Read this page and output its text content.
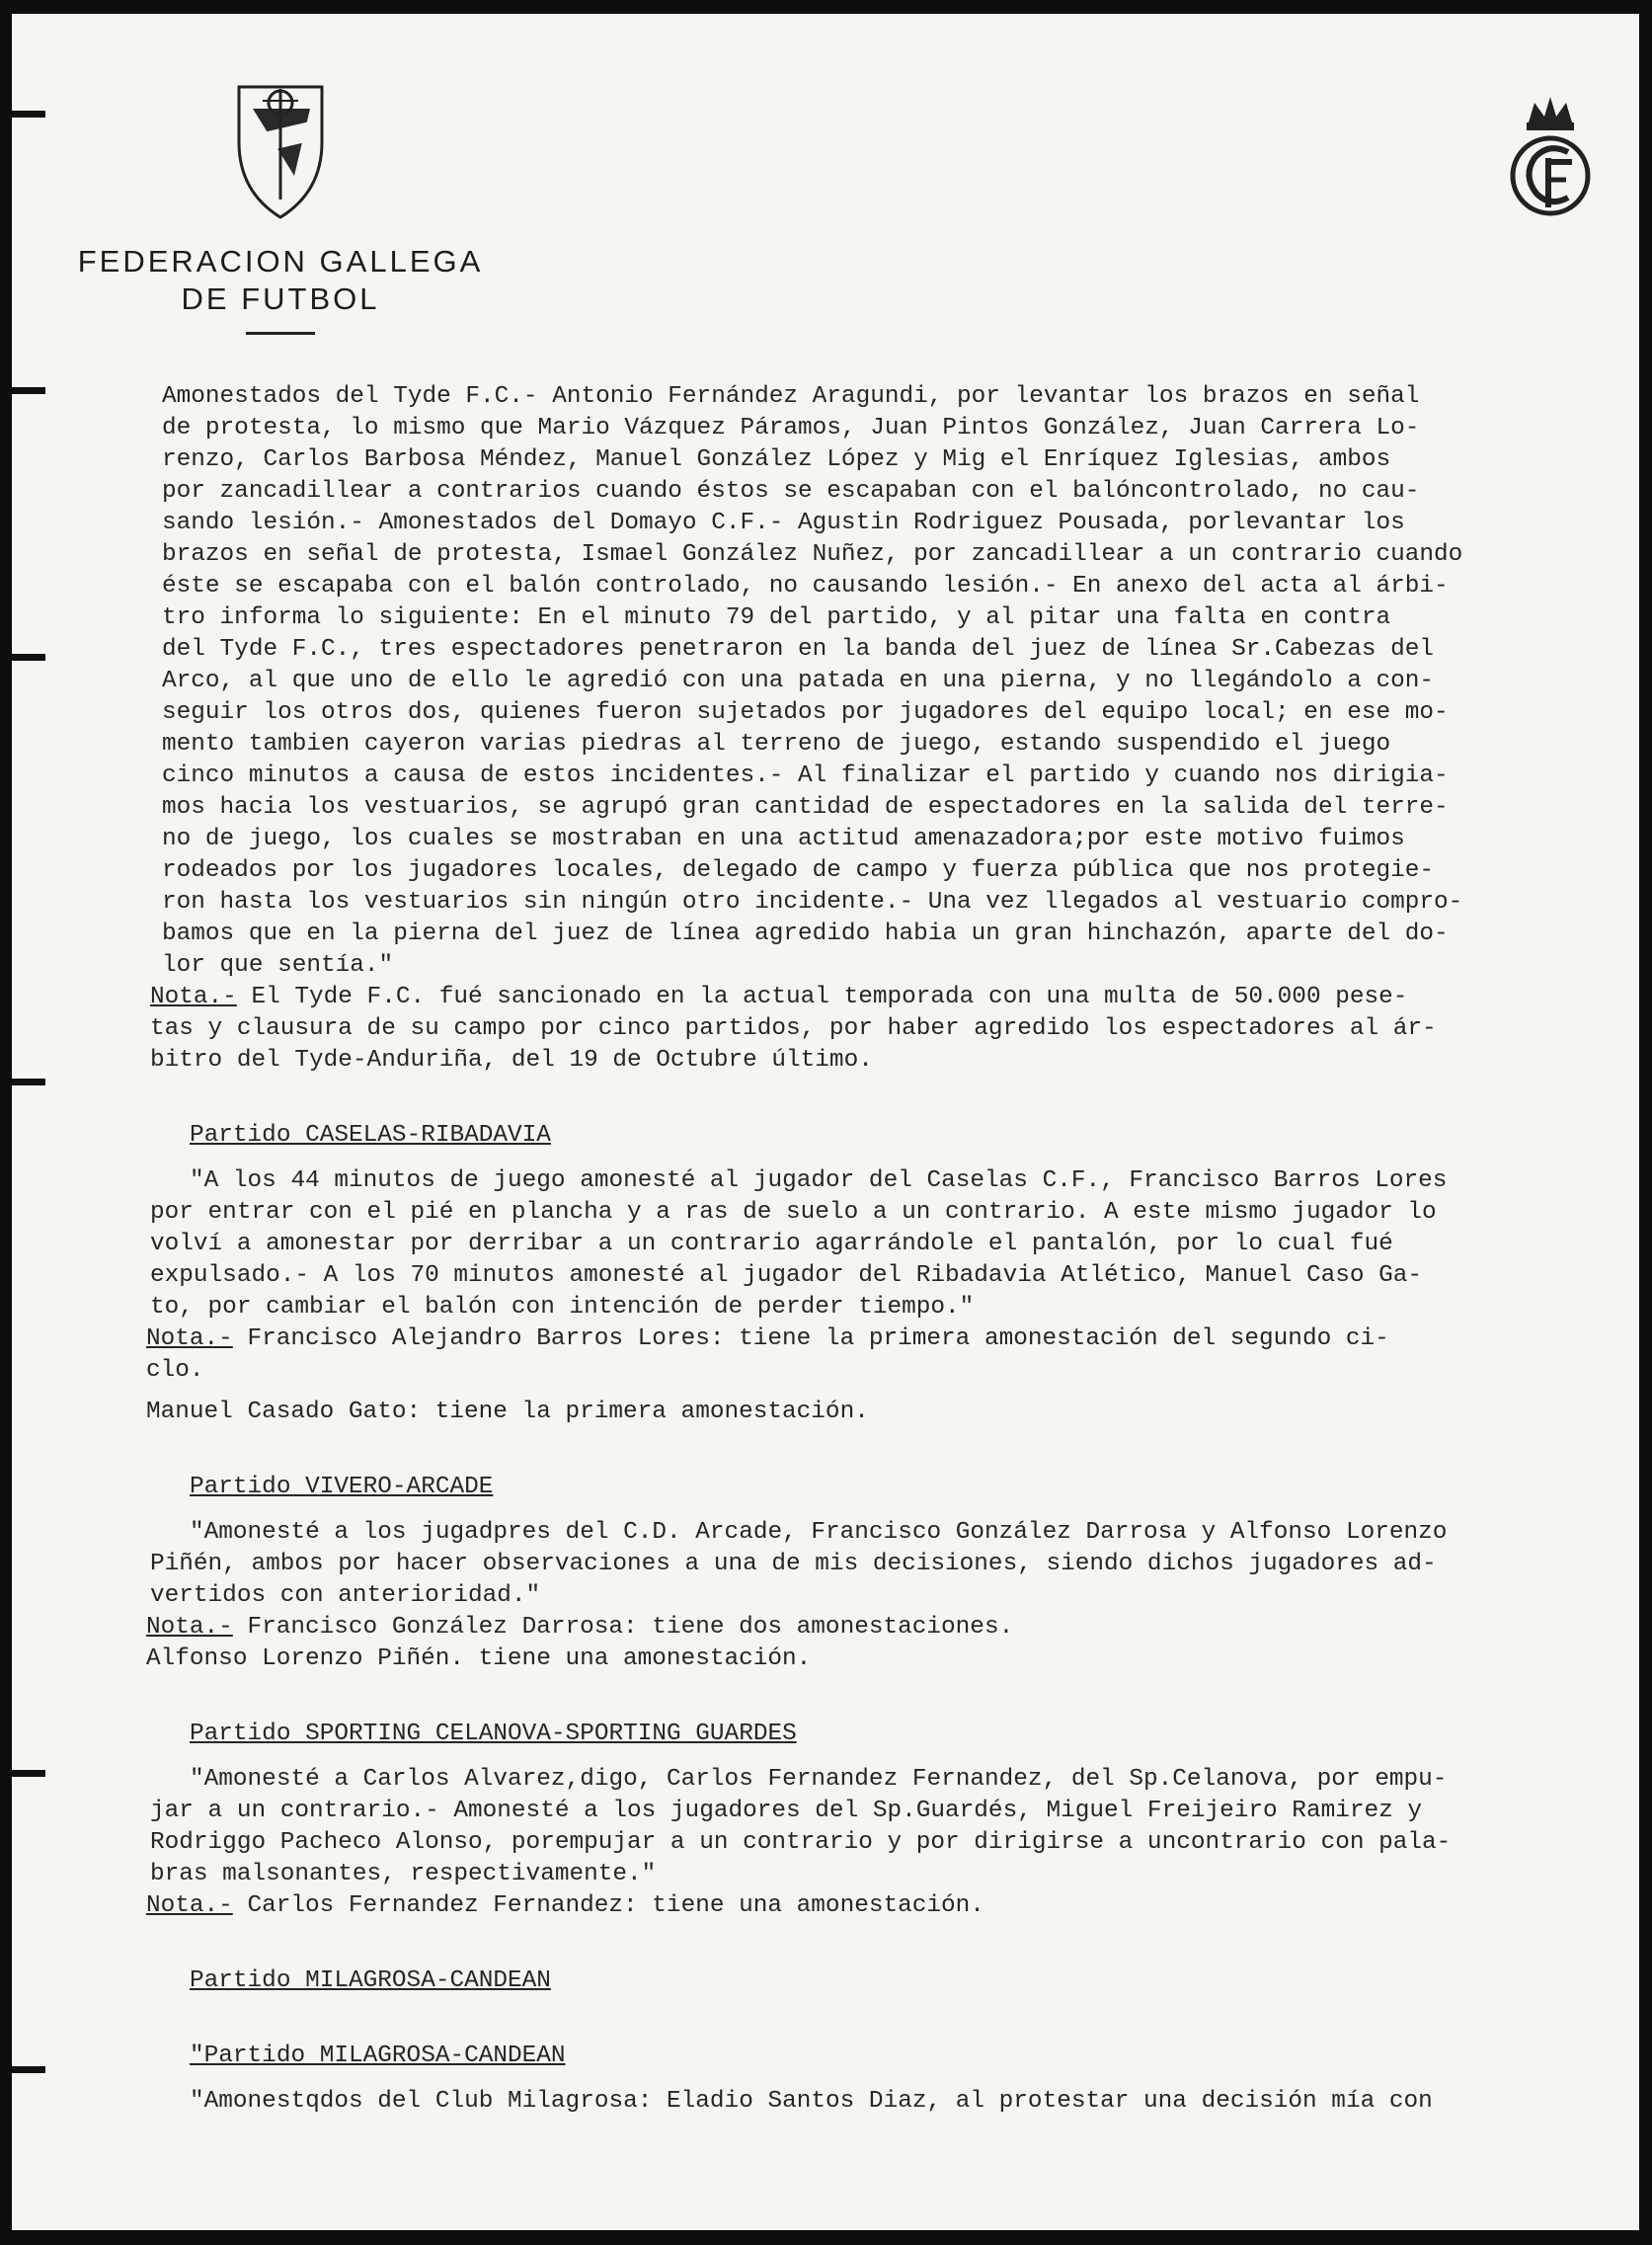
FEDERACION GALLEGA
DE FUTBOL

Amonestados del Tyde F.C.- Antonio Fernández Aragundi, por levantar los brazos en señal

de protesta, lo mismo que Mario Vázquez Páramos, Juan Pintos González, Juan Carrera Lo-

renzo, Carlos Barbosa Méndez, Manuel González López y Mig el Enríquez Iglesias, ambos

por zancadillear a contrarios cuando éstos se escapaban con el balóncontrolado, no cau-

sando lesión.- Amonestados del Domayo C.F.- Agustin Rodriguez Pousada, porlevantar los

brazos en señal de protesta, Ismael González Nuñez, por zancadillear a un contrario cuando

éste se escapaba con el balón controlado, no causando lesión.- En anexo del acta al árbi-

tro informa lo siguiente: En el minuto 79 del partido, y al pitar una falta en contra

del Tyde F.C., tres espectadores penetraron en la banda del juez de línea Sr.Cabezas del

Arco, al que uno de ello le agredió con una patada en una pierna, y no llegándolo a con-

seguir los otros dos, quienes fueron sujetados por jugadores del equipo local; en ese mo-

mento tambien cayeron varias piedras al terreno de juego, estando suspendido el juego

cinco minutos a causa de estos incidentes.- Al finalizar el partido y cuando nos dirigia-

mos hacia los vestuarios, se agrupó gran cantidad de espectadores en la salida del terre-

no de juego, los cuales se mostraban en una actitud amenazadora;por este motivo fuimos

rodeados por los jugadores locales, delegado de campo y fuerza pública que nos protegie-

ron hasta los vestuarios sin ningún otro incidente.- Una vez llegados al vestuario compro-

bamos que en la pierna del juez de línea agredido habia un gran hinchazón, aparte del do-

lor que sentía."

Nota.- El Tyde F.C. fué sancionado en la actual temporada con una multa de 50.000 pese-

tas y clausura de su campo por cinco partidos, por haber agredido los espectadores al ár-

bitro del Tyde-Anduriña, del 19 de Octubre último.

Partido CASELAS-RIBADAVIA

"A los 44 minutos de juego amonesté al jugador del Caselas C.F., Francisco Barros Lores

por entrar con el pié en plancha y a ras de suelo a un contrario. A este mismo jugador lo

volví a amonestar por derribar a un contrario agarrándole el pantalón, por lo cual fué

expulsado.- A los 70 minutos amonesté al jugador del Ribadavia Atlético, Manuel Caso Ga-

to, por cambiar el balón con intención de perder tiempo."

Nota.- Francisco Alejandro Barros Lores: tiene la primera amonestación del segundo ci-

clo.

Manuel Casado Gato: tiene la primera amonestación.

Partido VIVERO-ARCADE

"Amonesté a los jugadpres del C.D. Arcade, Francisco González Darrosa y Alfonso Lorenzo

Piñén, ambos por hacer observaciones a una de mis decisiones, siendo dichos jugadores ad-

vertidos con anterioridad."

Nota.- Francisco González Darrosa: tiene dos amonestaciones.

Alfonso Lorenzo Piñén. tiene una amonestación.

Partido SPORTING CELANOVA-SPORTING GUARDES

"Amonesté a Carlos Alvarez,digo, Carlos Fernandez Fernandez, del Sp.Celanova, por empu-

jar a un contrario.- Amonesté a los jugadores del Sp.Guardés, Miguel Freijeiro Ramirez y

Rodriggo Pacheco Alonso, porempujar a un contrario y por dirigirse a uncontrario con pala-

bras malsonantes, respectivamente."

Nota.- Carlos Fernandez Fernandez: tiene una amonestación.

Partido MILAGROSA-CANDEAN
"Partido MILAGROSA-CANDEAN

"Amonestqdos del Club Milagrosa: Eladio Santos Diaz, al protestar una decisión mía con
